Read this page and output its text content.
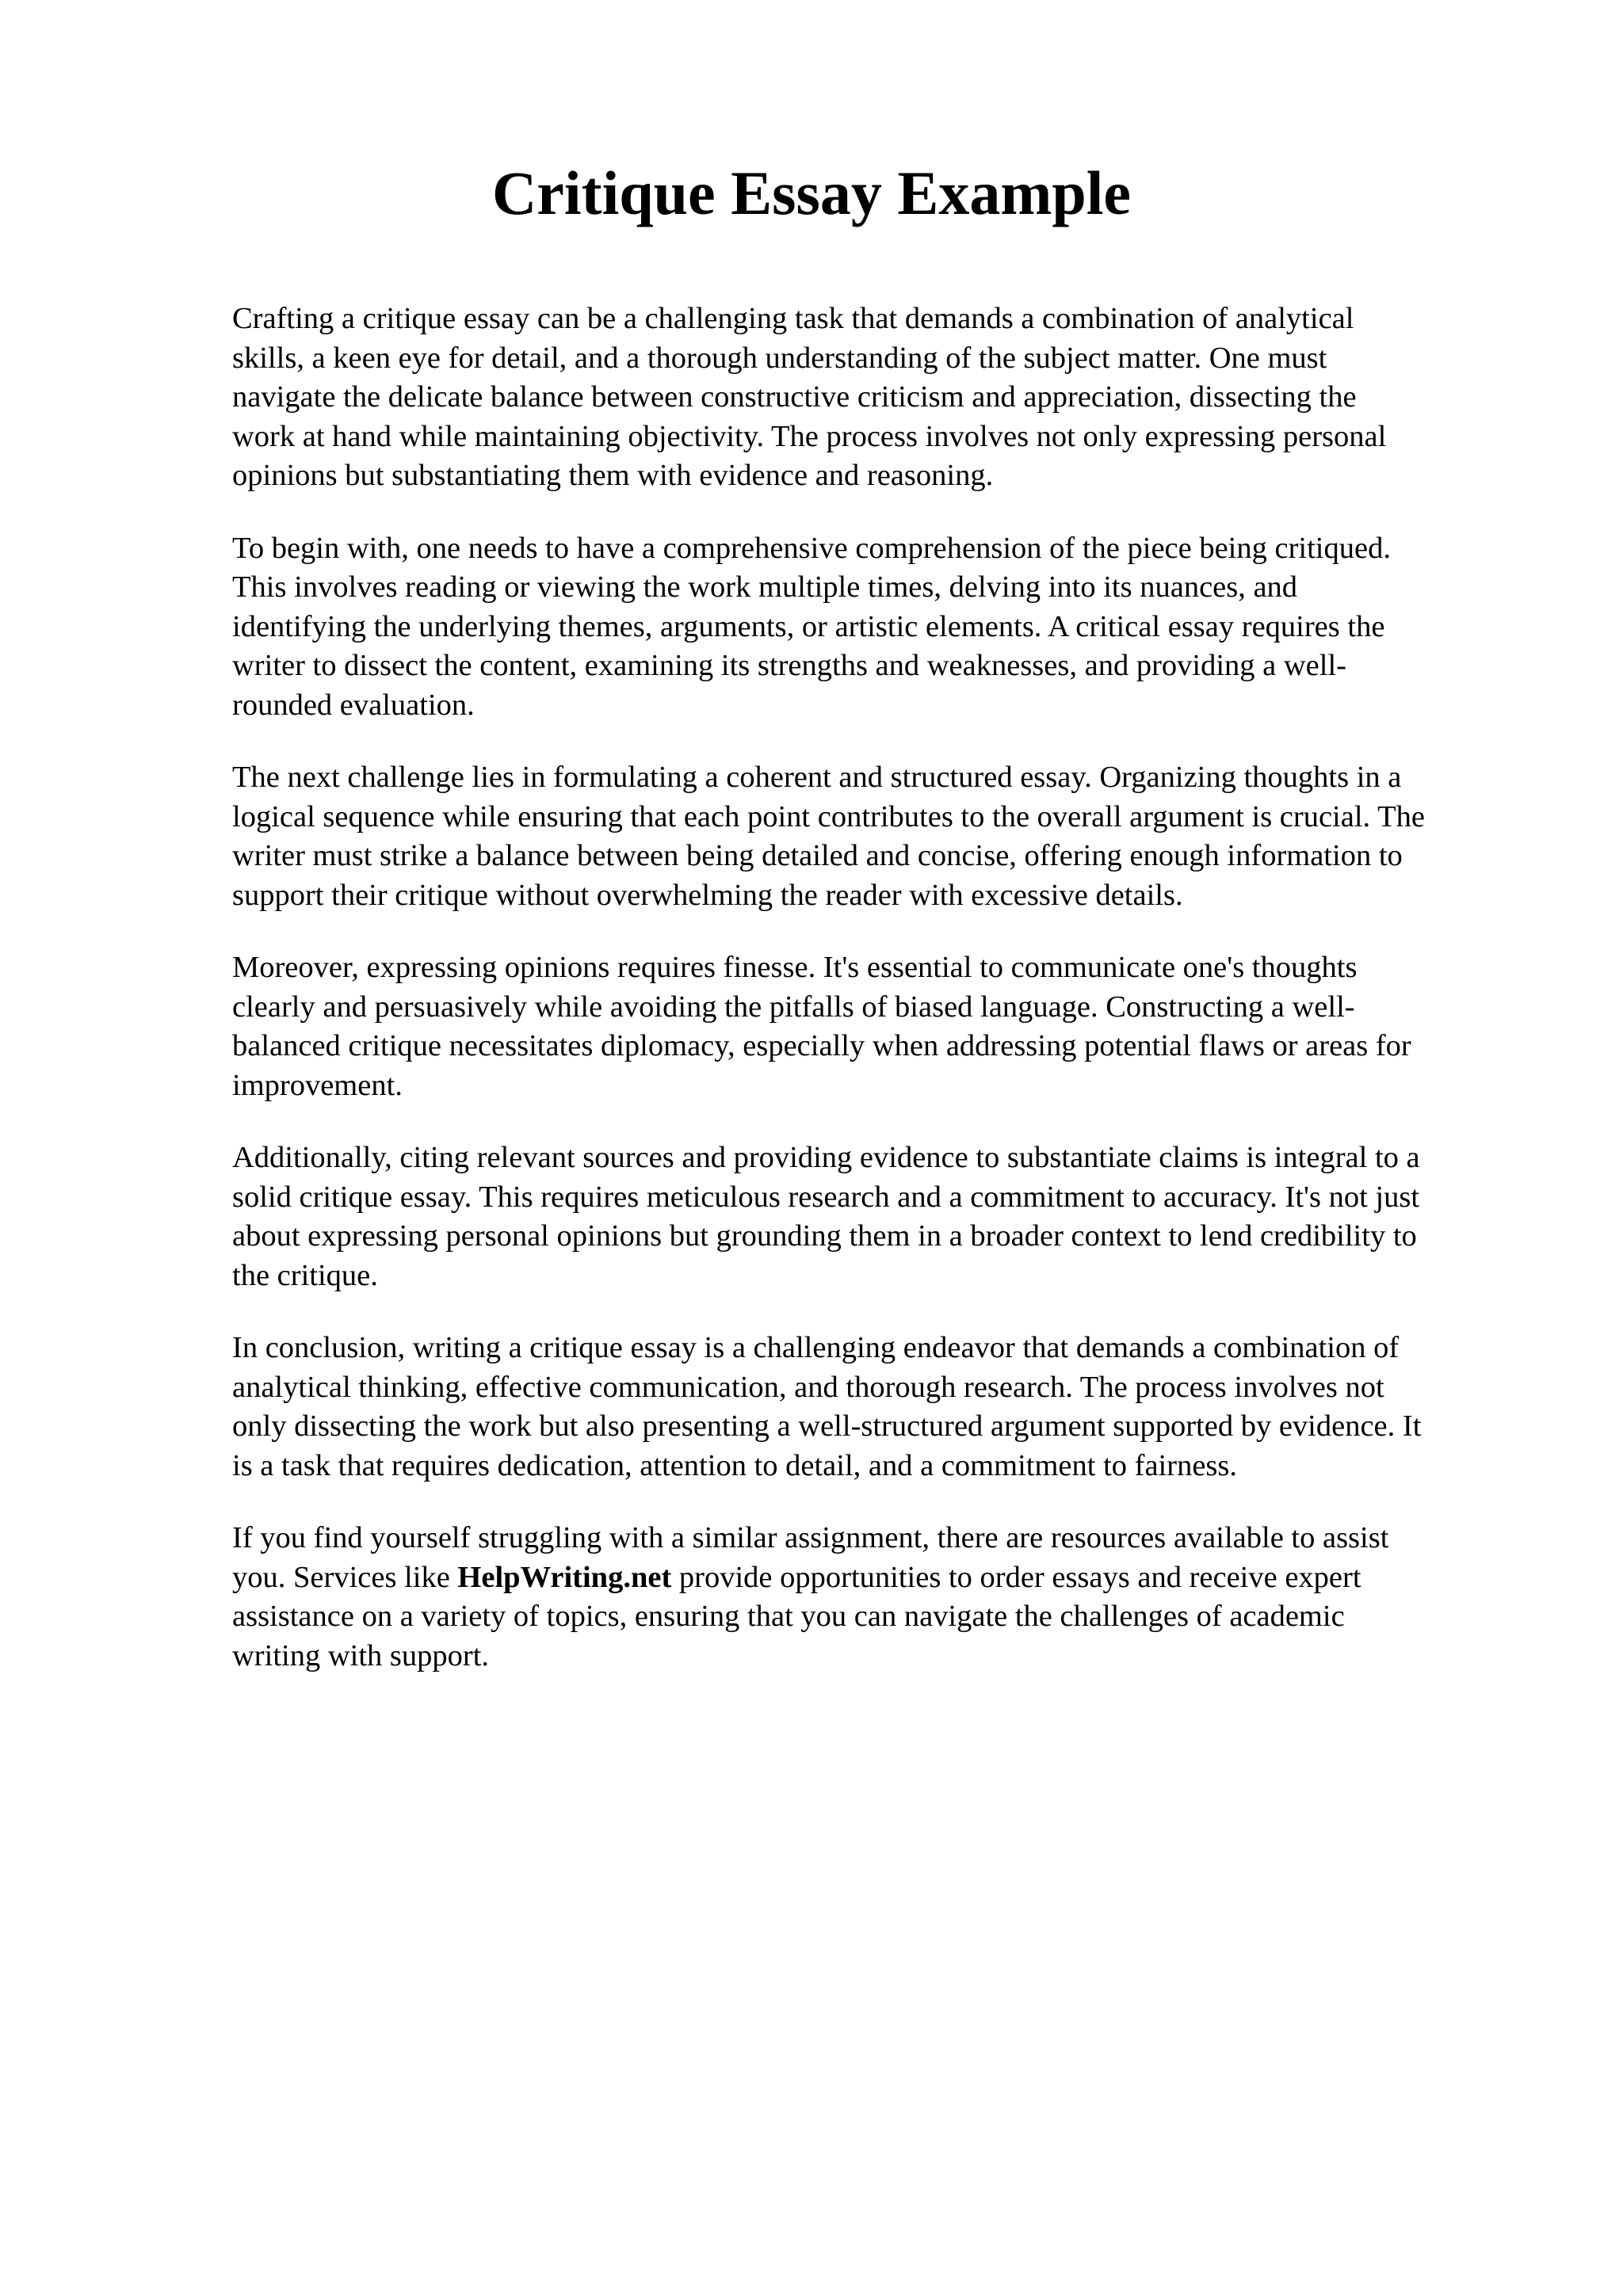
Critique Essay Example

Crafting a critique essay can be a challenging task that demands a combination of analytical
skills, a keen eye for detail, and a thorough understanding of the subject matter. One must
navigate the delicate balance between constructive criticism and appreciation, dissecting the
work at hand while maintaining objectivity. The process involves not only expressing personal
opinions but substantiating them with evidence and reasoning.

To begin with, one needs to have a comprehensive comprehension of the piece being critiqued.
This involves reading or viewing the work multiple times, delving into its nuances, and
identifying the underlying themes, arguments, or artistic elements. A critical essay requires the
writer to dissect the content, examining its strengths and weaknesses, and providing a well-
rounded evaluation.

The next challenge lies in formulating a coherent and structured essay. Organizing thoughts in a
logical sequence while ensuring that each point contributes to the overall argument is crucial. The
writer must strike a balance between being detailed and concise, offering enough information to
support their critique without overwhelming the reader with excessive details.

Moreover, expressing opinions requires finesse. It's essential to communicate one's thoughts
clearly and persuasively while avoiding the pitfalls of biased language. Constructing a well-
balanced critique necessitates diplomacy, especially when addressing potential flaws or areas for
improvement.

Additionally, citing relevant sources and providing evidence to substantiate claims is integral to a
solid critique essay. This requires meticulous research and a commitment to accuracy. It's not just
about expressing personal opinions but grounding them in a broader context to lend credibility to
the critique.

In conclusion, writing a critique essay is a challenging endeavor that demands a combination of
analytical thinking, effective communication, and thorough research. The process involves not
only dissecting the work but also presenting a well-structured argument supported by evidence. It
is a task that requires dedication, attention to detail, and a commitment to fairness.

If you find yourself struggling with a similar assignment, there are resources available to assist
you. Services like HelpWriting.net provide opportunities to order essays and receive expert
assistance on a variety of topics, ensuring that you can navigate the challenges of academic
writing with support.
